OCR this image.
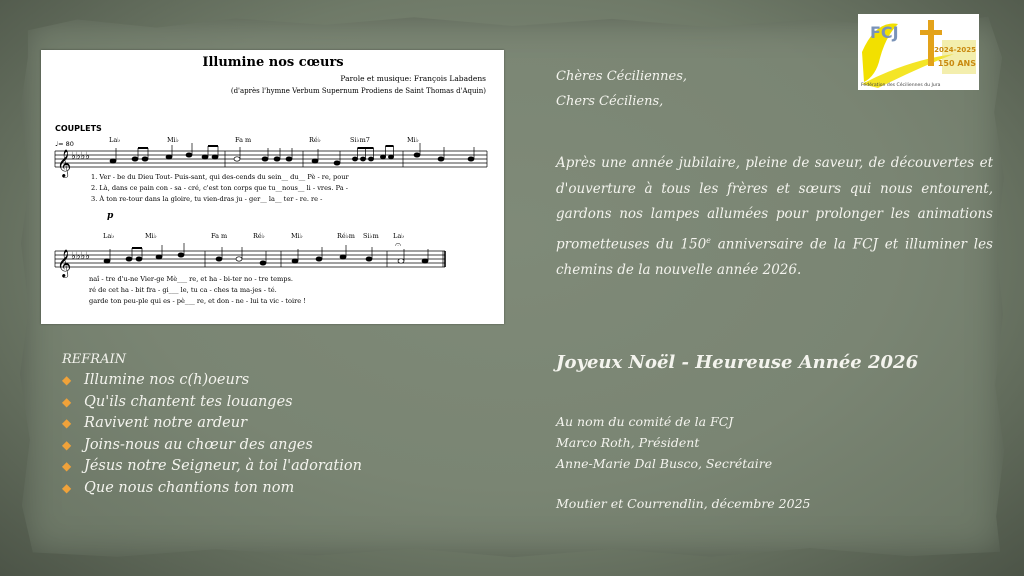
Illumine nos cœurs
Parole et musique: François Labadens
(d'après l'hymne Verbum Supernum Prodiens de Saint Thomas d'Aquin)
COUPLETS
♩= 80	La♭	Mi♭	Fa m	Ré♭	Si♭m7	Mi♭
𝄞 ♭♭♭♭
1. Ver - be du Dieu Tout- Puis-sant, qui des-cends du sein__ du__ Pè - re, pour
2. Là, dans ce pain con - sa - cré, c'est ton corps que tu__nous__ li - vres. Pa -
3. À ton re-tour dans la gloire, tu vien-dras ju - ger__ la__ ter - re. re -
p
La♭	Mi♭	Fa m	Ré♭	Mi♭	Ré♭m Si♭m La♭
𝄞 ♭♭♭♭
𝄐
naî - tre d'u-ne Vier-ge Mè___ re, et ha - bi-ter no - tre temps.
ré de cet ha - bit fra - gi___ le, tu ca - ches ta ma-jes - té.
garde ton peu-ple qui es - pè___ re, et don - ne - lui ta vic - toire !
FCJ
2024-2025
150 ANS
Fédération des Céciliennes du Jura

Chères Céciliennes,

Chers Céciliens,

Après une année jubilaire, pleine de saveur, de découvertes et d'ouverture à tous les frères et sœurs qui nous entourent, gardons nos lampes allumées pour prolonger les animations prometteuses du 150e anniversaire de la FCJ et illuminer les chemins de la nouvelle année 2026.

Joyeux Noël - Heureuse Année 2026
Au nom du comité de la FCJ
Marco Roth, Président
Anne-Marie Dal Busco, Secrétaire
Moutier et Courrendlin, décembre 2025
REFRAIN
◆ Illumine nos c(h)oeurs
◆ Qu'ils chantent tes louanges
◆ Ravivent notre ardeur
◆ Joins-nous au chœur des anges
◆ Jésus notre Seigneur, à toi l'adoration
◆ Que nous chantions ton nom
